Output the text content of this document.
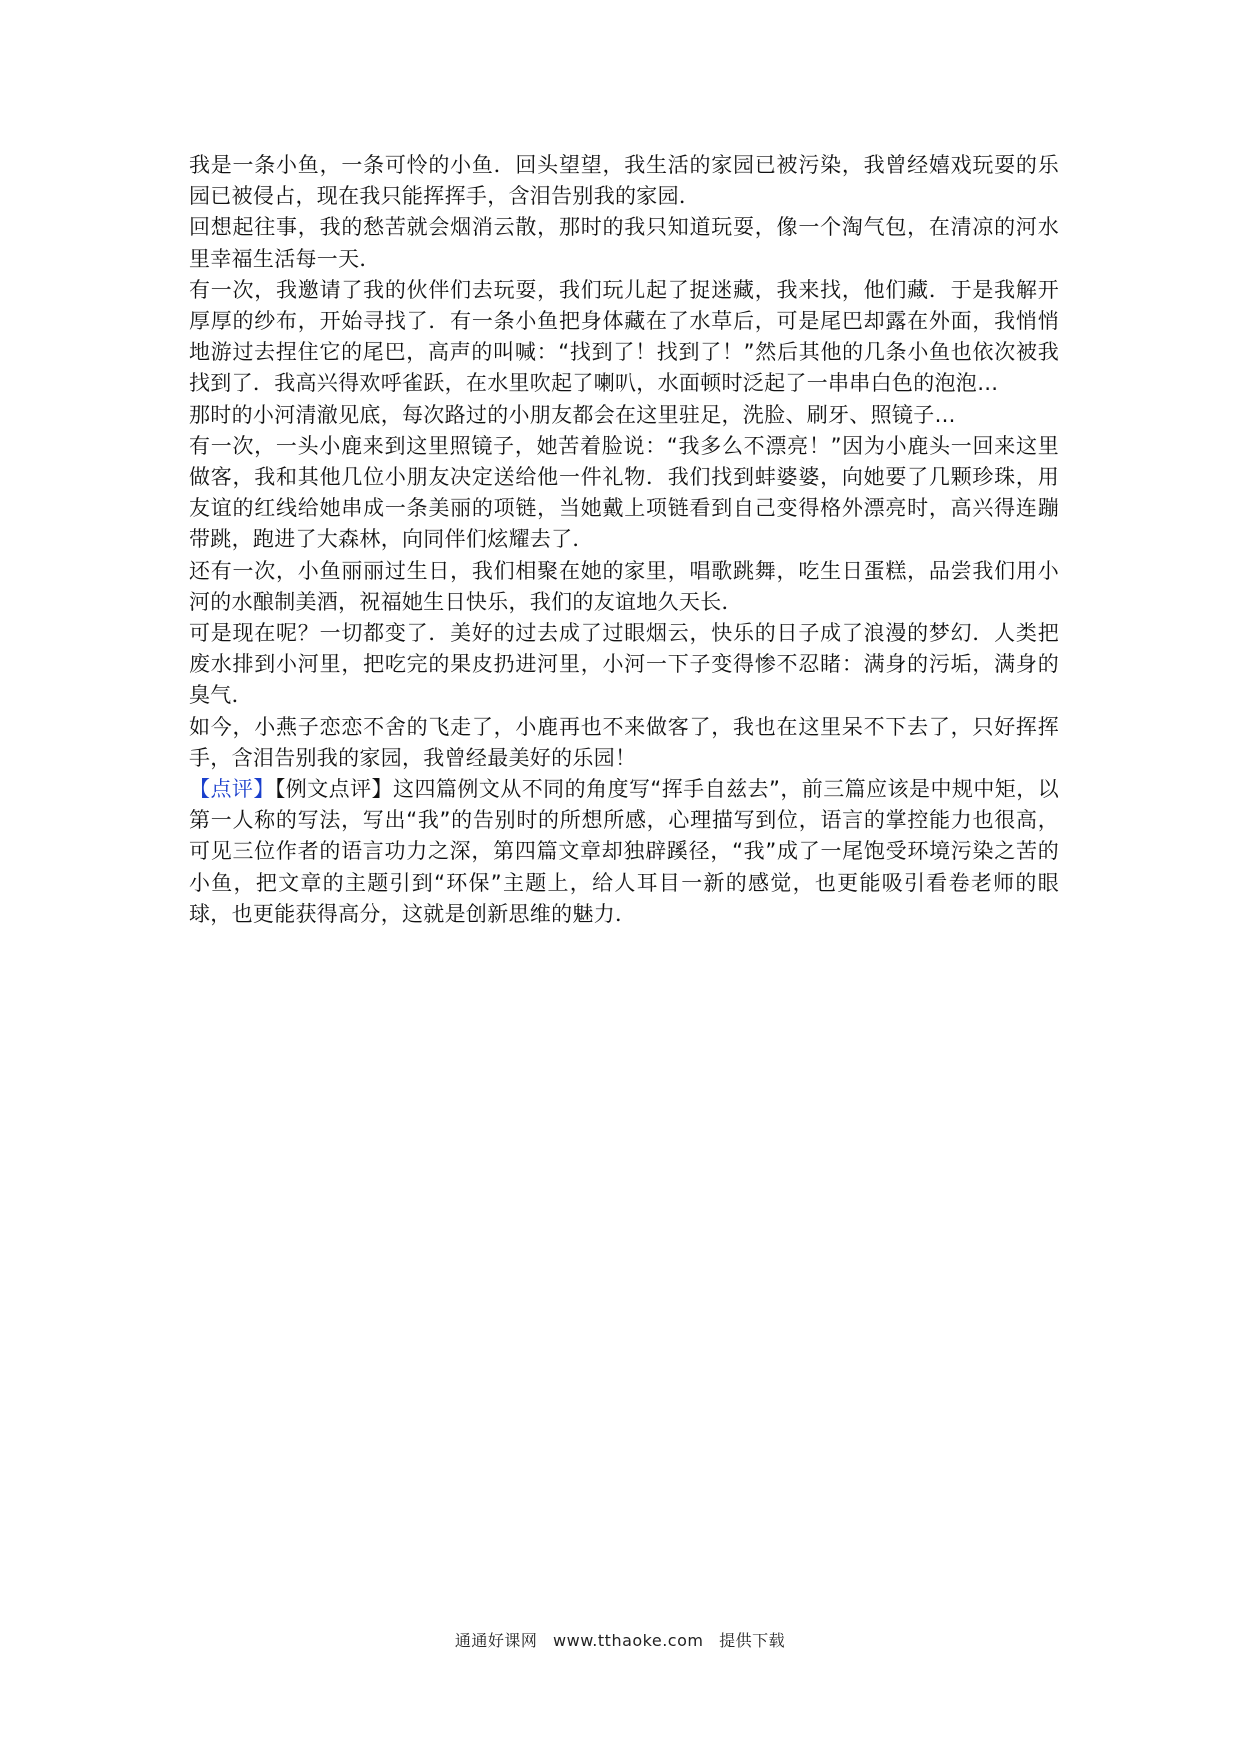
我是一条小鱼，一条可怜的小鱼．回头望望，我生活的家园已被污染，我曾经嬉戏玩耍的乐园已被侵占，现在我只能挥挥手，含泪告别我的家园．

回想起往事，我的愁苦就会烟消云散，那时的我只知道玩耍，像一个淘气包，在清凉的河水里幸福生活每一天．

有一次，我邀请了我的伙伴们去玩耍，我们玩儿起了捉迷藏，我来找，他们藏．于是我解开厚厚的纱布，开始寻找了．有一条小鱼把身体藏在了水草后，可是尾巴却露在外面，我悄悄地游过去捏住它的尾巴，高声的叫喊：“找到了！找到了！”然后其他的几条小鱼也依次被我找到了．我高兴得欢呼雀跃，在水里吹起了喇叭，水面顿时泛起了一串串白色的泡泡…

那时的小河清澈见底，每次路过的小朋友都会在这里驻足，洗脸、刷牙、照镜子…

有一次，一头小鹿来到这里照镜子，她苦着脸说：“我多么不漂亮！”因为小鹿头一回来这里做客，我和其他几位小朋友决定送给他一件礼物．我们找到蚌婆婆，向她要了几颗珍珠，用友谊的红线给她串成一条美丽的项链，当她戴上项链看到自己变得格外漂亮时，高兴得连蹦带跳，跑进了大森林，向同伴们炫耀去了．

还有一次，小鱼丽丽过生日，我们相聚在她的家里，唱歌跳舞，吃生日蛋糕，品尝我们用小河的水酿制美酒，祝福她生日快乐，我们的友谊地久天长．

可是现在呢？一切都变了．美好的过去成了过眼烟云，快乐的日子成了浪漫的梦幻．人类把废水排到小河里，把吃完的果皮扔进河里，小河一下子变得惨不忍睹：满身的污垢，满身的臭气．

如今，小燕子恋恋不舍的飞走了，小鹿再也不来做客了，我也在这里呆不下去了，只好挥挥手，含泪告别我的家园，我曾经最美好的乐园！

【点评】【例文点评】这四篇例文从不同的角度写“挥手自兹去”，前三篇应该是中规中矩，以第一人称的写法，写出“我”的告别时的所想所感，心理描写到位，语言的掌控能力也很高，可见三位作者的语言功力之深，第四篇文章却独辟蹊径，“我”成了一尾饱受环境污染之苦的小鱼，把文章的主题引到“环保”主题上，给人耳目一新的感觉，也更能吸引看卷老师的眼球，也更能获得高分，这就是创新思维的魅力．

通通好课网 www.tthaoke.com 提供下载
